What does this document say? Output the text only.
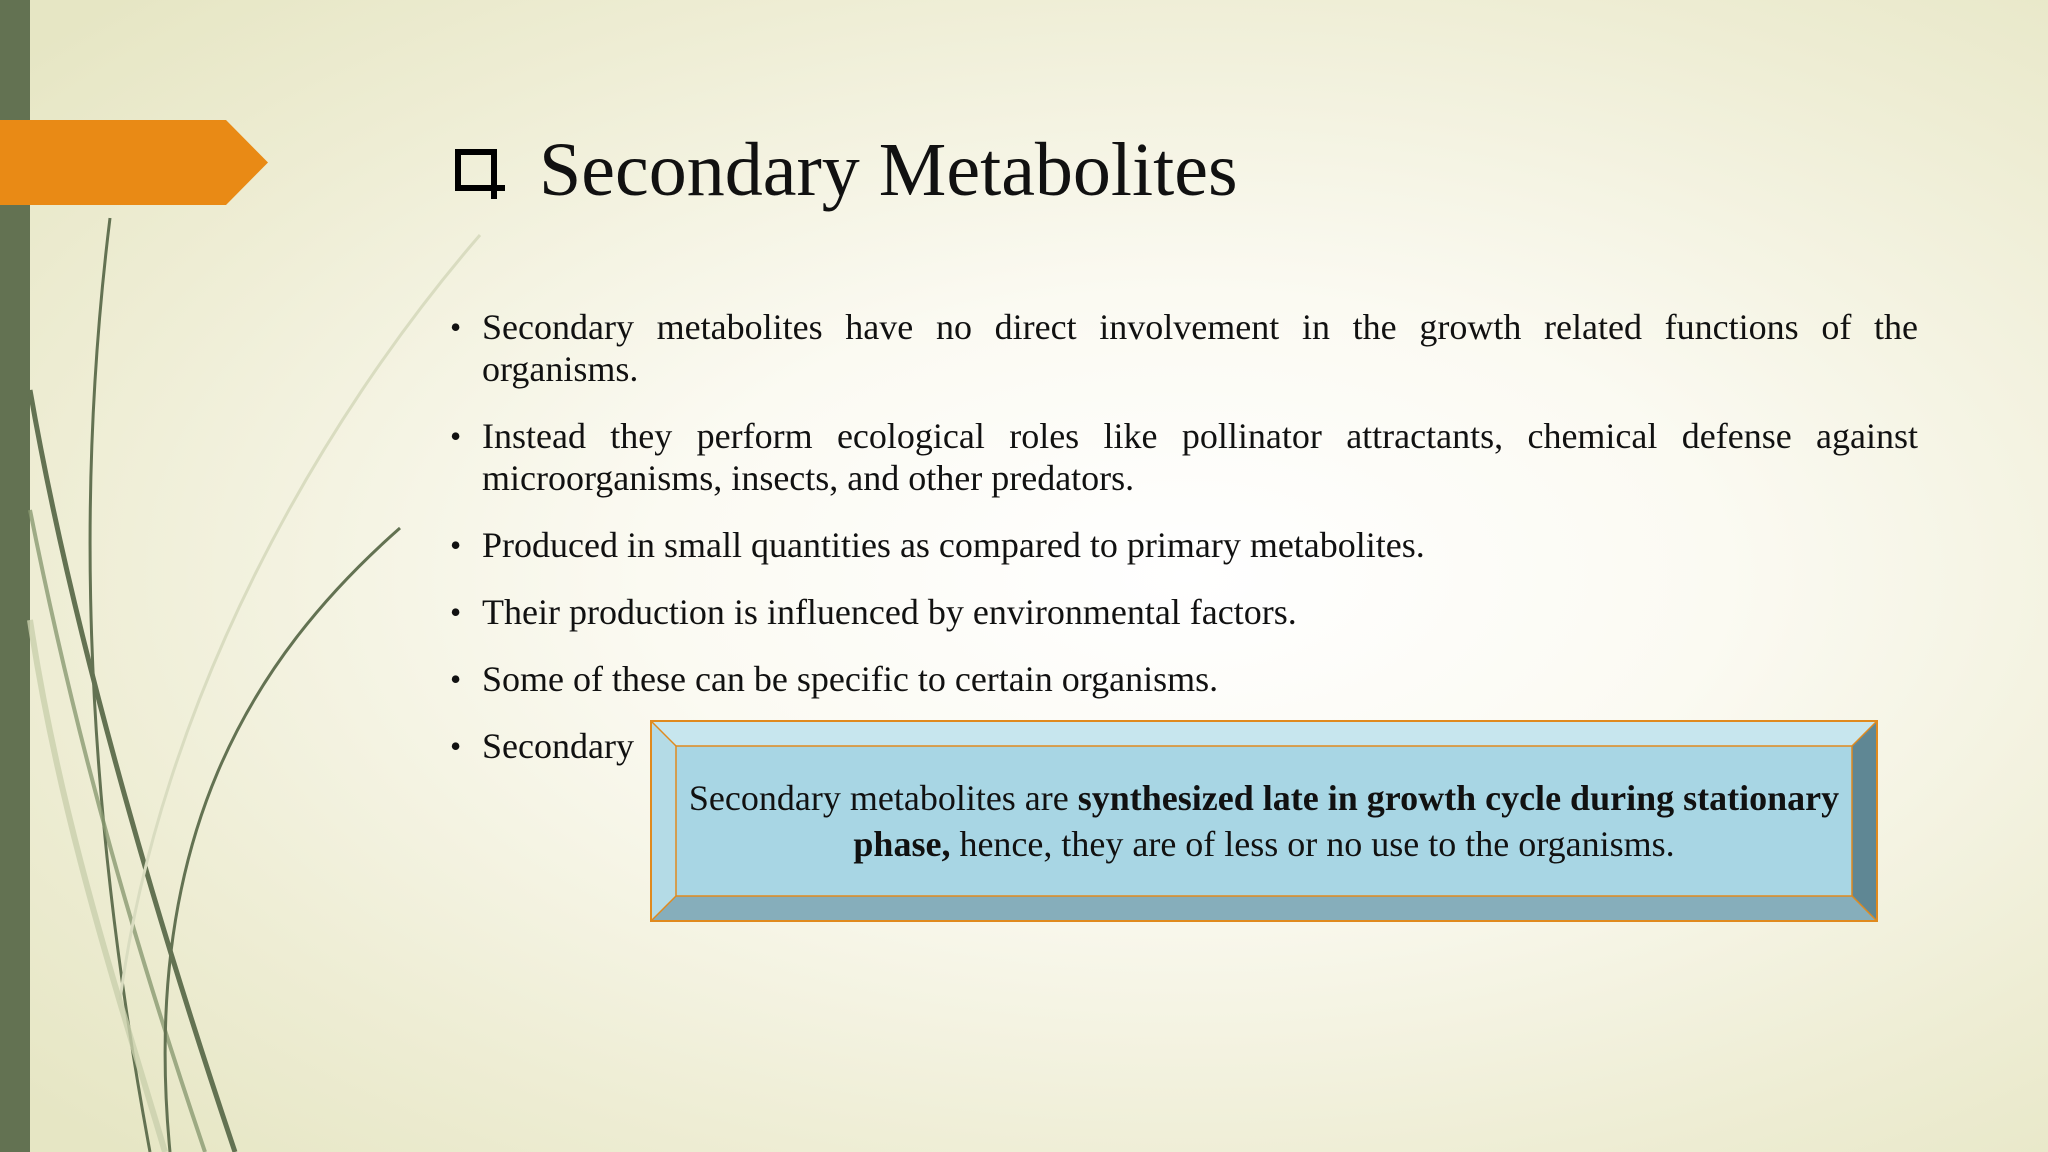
Secondary Metabolites
• Secondary metabolites have no direct involvement in the growth related functions of the organisms.
• Instead they perform ecological roles like pollinator attractants, chemical defense against microorganisms, insects, and other predators.
• Produced in small quantities as compared to primary metabolites.
• Their production is influenced by environmental factors.
• Some of these can be specific to certain organisms.
• Secondary

Secondary metabolites are synthesized late in growth cycle during stationary phase, hence, they are of less or no use to the organisms.
